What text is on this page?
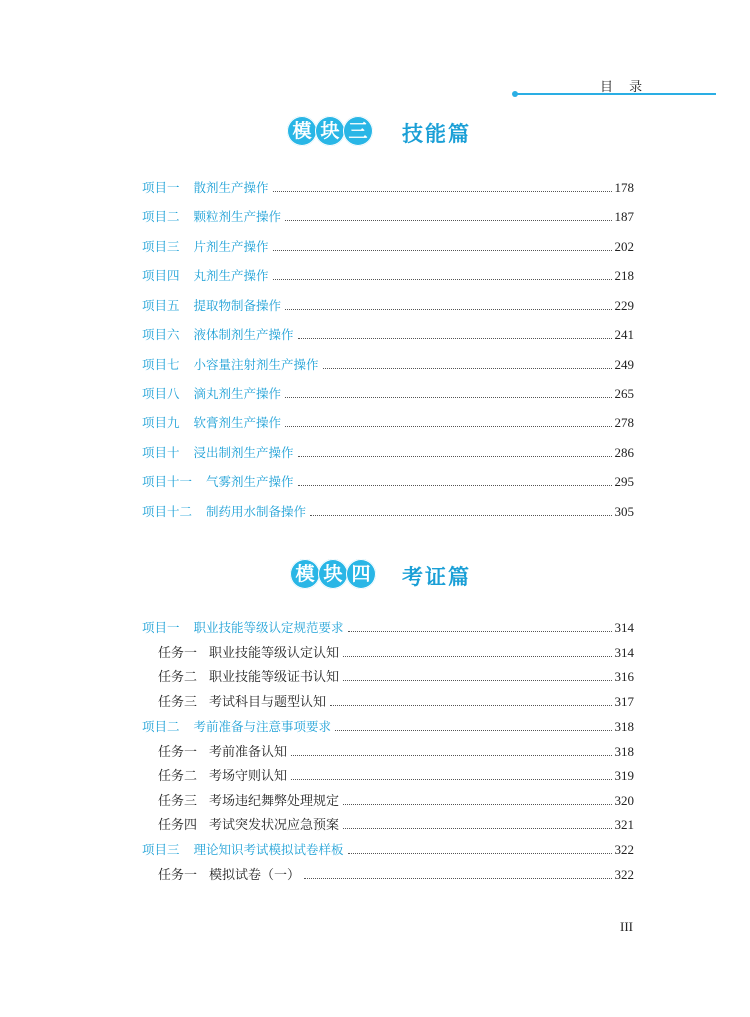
目 录
模 块 三 技能篇
项目一 散剂生产操作	178
项目二 颗粒剂生产操作	187
项目三 片剂生产操作	202
项目四 丸剂生产操作	218
项目五 提取物制备操作	229
项目六 液体制剂生产操作	241
项目七 小容量注射剂生产操作	249
项目八 滴丸剂生产操作	265
项目九 软膏剂生产操作	278
项目十 浸出制剂生产操作	286
项目十一 气雾剂生产操作	295
项目十二 制药用水制备操作	305
模 块 四 考证篇
项目一 职业技能等级认定规范要求	314
任务一 职业技能等级认定认知	314
任务二 职业技能等级证书认知	316
任务三 考试科目与题型认知	317
项目二 考前准备与注意事项要求	318
任务一 考前准备认知	318
任务二 考场守则认知	319
任务三 考场违纪舞弊处理规定	320
任务四 考试突发状况应急预案	321
项目三 理论知识考试模拟试卷样板	322
任务一 模拟试卷（一）	322
III
